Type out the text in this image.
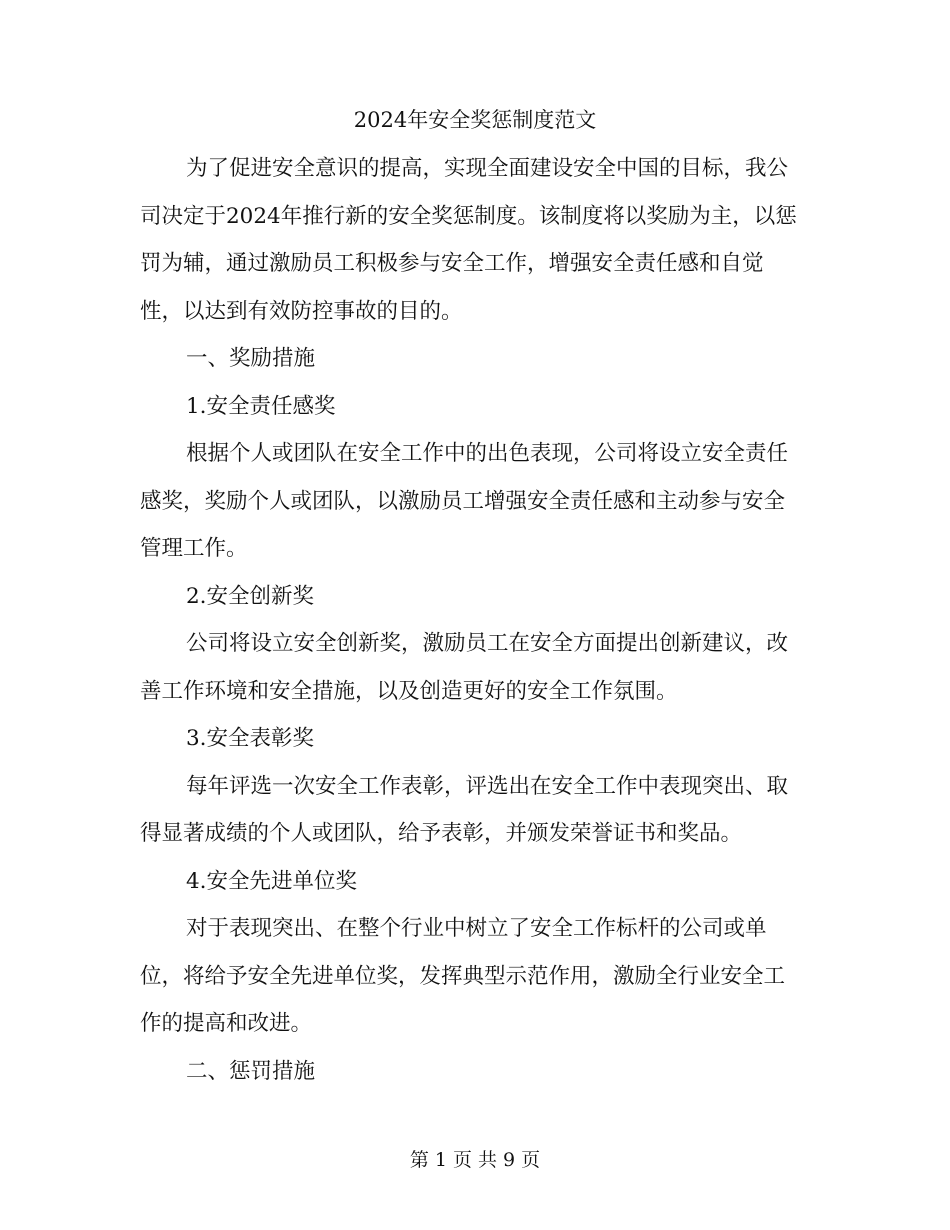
2024年安全奖惩制度范文

为了促进安全意识的提高，实现全面建设安全中国的目标，我公司决定于2024年推行新的安全奖惩制度。该制度将以奖励为主，以惩罚为辅，通过激励员工积极参与安全工作，增强安全责任感和自觉性，以达到有效防控事故的目的。

一、奖励措施

1.安全责任感奖

根据个人或团队在安全工作中的出色表现，公司将设立安全责任感奖，奖励个人或团队，以激励员工增强安全责任感和主动参与安全管理工作。

2.安全创新奖

公司将设立安全创新奖，激励员工在安全方面提出创新建议，改善工作环境和安全措施，以及创造更好的安全工作氛围。

3.安全表彰奖

每年评选一次安全工作表彰，评选出在安全工作中表现突出、取得显著成绩的个人或团队，给予表彰，并颁发荣誉证书和奖品。

4.安全先进单位奖

对于表现突出、在整个行业中树立了安全工作标杆的公司或单位，将给予安全先进单位奖，发挥典型示范作用，激励全行业安全工作的提高和改进。

二、惩罚措施

第 1 页 共 9 页
